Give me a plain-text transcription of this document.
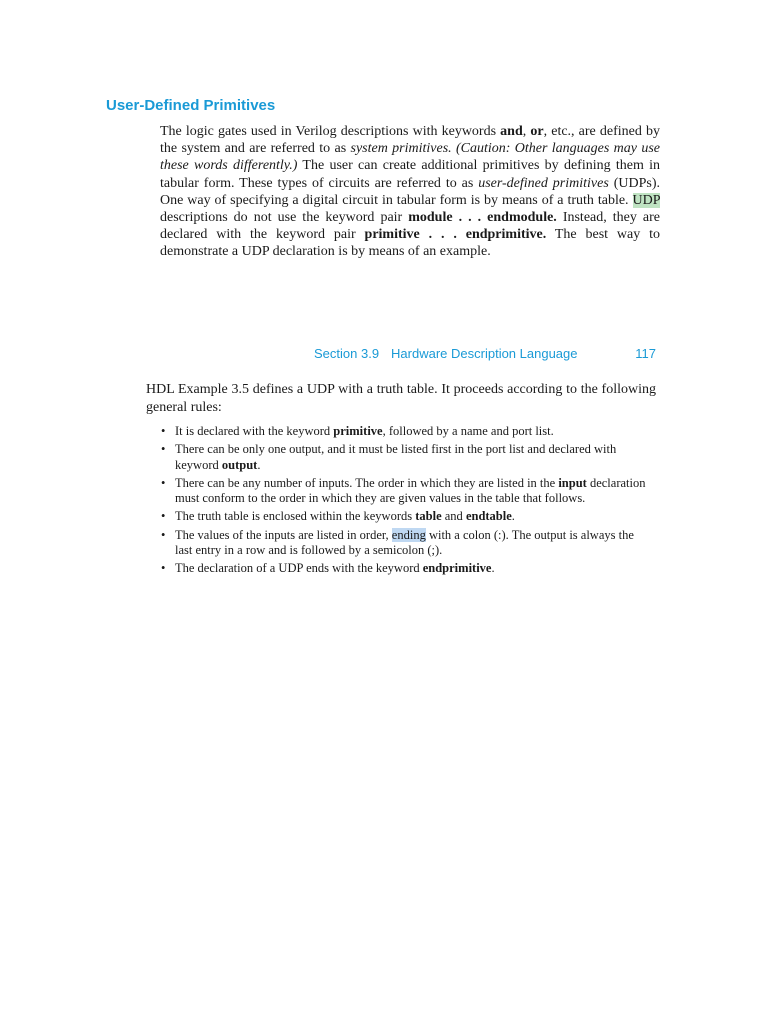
User-Defined Primitives

The logic gates used in Verilog descriptions with keywords and, or, etc., are defined by the system and are referred to as system primitives. (Caution: Other languages may use these words differently.) The user can create additional primitives by defining them in tabular form. These types of circuits are referred to as user-defined primitives (UDPs). One way of specifying a digital circuit in tabular form is by means of a truth table. UDP descriptions do not use the keyword pair module . . . endmodule. Instead, they are declared with the keyword pair primitive . . . endprimitive. The best way to demonstrate a UDP declaration is by means of an example.

Section 3.9 Hardware Description Language	117

HDL Example 3.5 defines a UDP with a truth table. It proceeds according to the following general rules:

• It is declared with the keyword primitive, followed by a name and port list.
• There can be only one output, and it must be listed first in the port list and declared with keyword output.
• There can be any number of inputs. The order in which they are listed in the input declaration must conform to the order in which they are given values in the table that follows.
• The truth table is enclosed within the keywords table and endtable.
• The values of the inputs are listed in order, ending with a colon (:). The output is always the last entry in a row and is followed by a semicolon (;).
• The declaration of a UDP ends with the keyword endprimitive.
